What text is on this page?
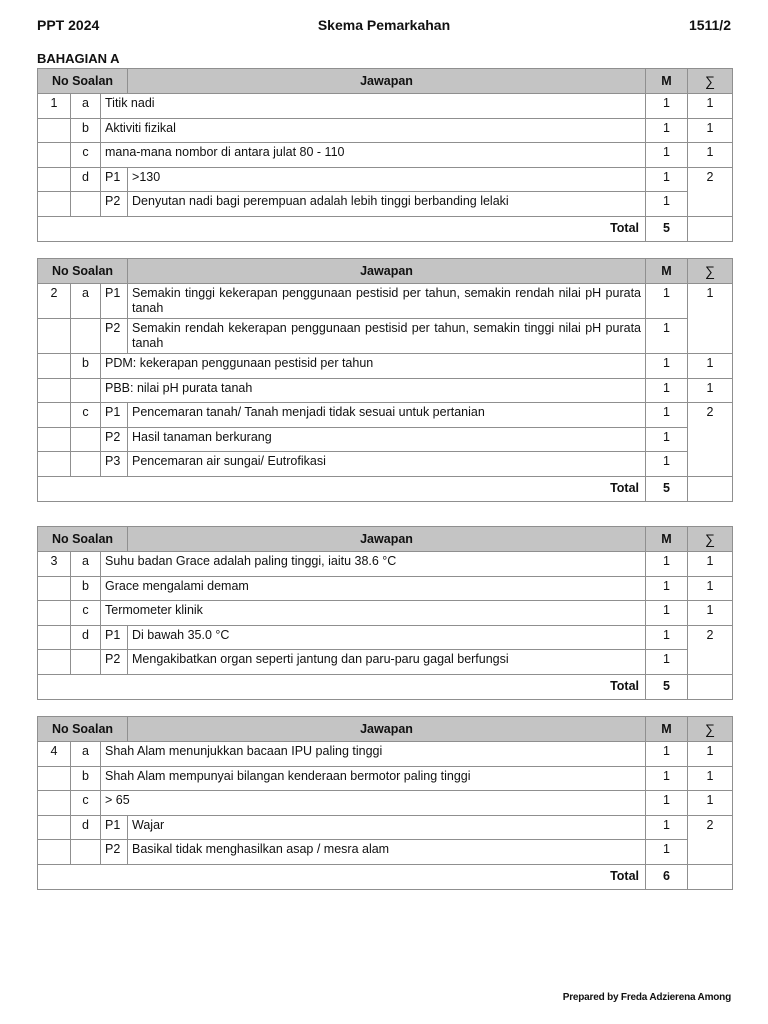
PPT 2024	Skema Pemarkahan	1511/2
BAHAGIAN A
No Soalan			Jawapan	M	∑
1	a	Titik nadi		1	1
	b	Aktiviti fizikal		1	1
	c	mana-mana nombor di antara julat 80 - 110		1	1
	d	P1	>130	1	2
		P2	Denyutan nadi bagi perempuan adalah lebih tinggi berbanding lelaki	1	
Total				5	
No Soalan			Jawapan	M	∑
2	a	P1	Semakin tinggi kekerapan penggunaan pestisid per tahun, semakin rendah nilai pH purata tanah	1	1
		P2	Semakin rendah kekerapan penggunaan pestisid per tahun, semakin tinggi nilai pH purata tanah	1	
	b	PDM: kekerapan penggunaan pestisid per tahun		1	1
		PBB: nilai pH purata tanah		1	1
	c	P1	Pencemaran tanah/ Tanah menjadi tidak sesuai untuk pertanian	1	2
		P2	Hasil tanaman berkurang	1	
		P3	Pencemaran air sungai/ Eutrofikasi	1	
Total				5	
No Soalan			Jawapan	M	∑
3	a	Suhu badan Grace adalah paling tinggi, iaitu 38.6 °C		1	1
	b	Grace mengalami demam		1	1
	c	Termometer klinik		1	1
	d	P1	Di bawah 35.0 °C	1	2
		P2	Mengakibatkan organ seperti jantung dan paru-paru gagal berfungsi	1	
Total				5	
No Soalan			Jawapan	M	∑
4	a	Shah Alam menunjukkan bacaan IPU paling tinggi		1	1
	b	Shah Alam mempunyai bilangan kenderaan bermotor paling tinggi		1	1
	c	> 65		1	1
	d	P1	Wajar	1	2
		P2	Basikal tidak menghasilkan asap / mesra alam	1	
Total				6	
Prepared by Freda Adzierena Among
